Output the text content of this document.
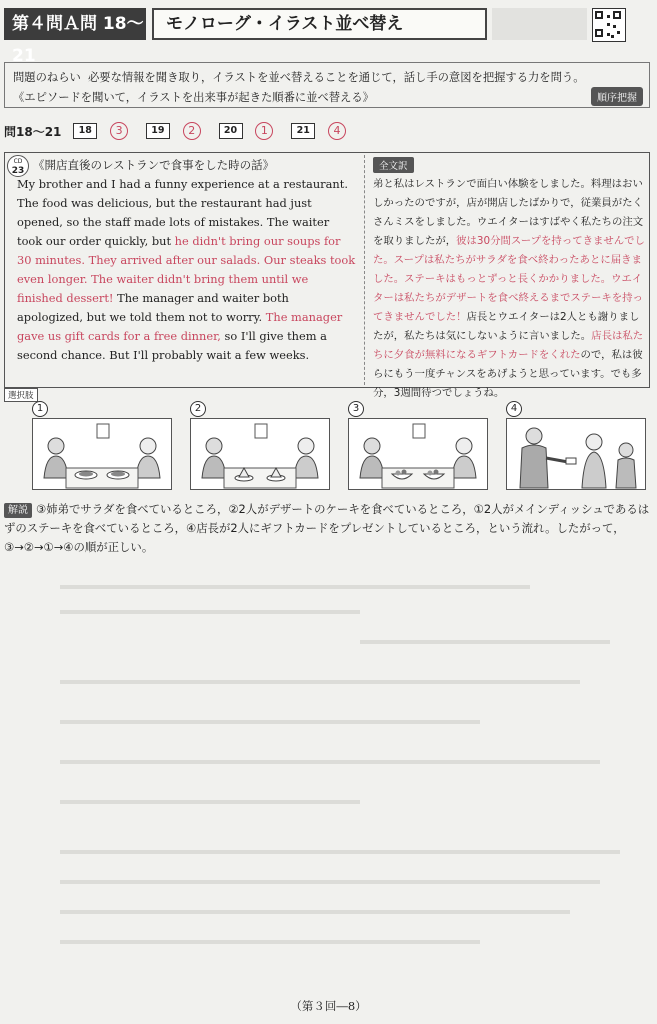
第４問Ａ問 18〜21
モノローグ・イラスト並べ替え
問題のねらい 必要な情報を聞き取り，イラストを並べ替えることを通じて，話し手の意図を把握する力を問う。
《エピソードを聞いて，イラストを出来事が起きた順番に並べ替える》	順序把握
問18〜21 18 3	19 2	20 1	21 4
CD
23 《開店直後のレストランで食事をした時の話》
My brother and I had a funny experience at a restaurant. The food was delicious, but the restaurant had just opened, so the staff made lots of mistakes. The waiter took our order quickly, but he didn't bring our soups for 30 minutes. They arrived after our salads. Our steaks took even longer. The waiter didn't bring them until we finished dessert! The manager and waiter both apologized, but we told them not to worry. The manager gave us gift cards for a free dinner, so I'll give them a second chance. But I'll probably wait a few weeks.
全文訳
弟と私はレストランで面白い体験をしました。料理はおいしかったのですが，店が開店したばかりで，従業員がたくさんミスをしました。ウエイターはすばやく私たちの注文を取りましたが，彼は30分間スープを持ってきませんでした。スープは私たちがサラダを食べ終わったあとに届きました。ステーキはもっとずっと長くかかりました。ウエイターは私たちがデザートを食べ終えるまでステーキを持ってきませんでした！店長とウエイターは2人とも謝りましたが，私たちは気にしないように言いました。店長は私たちに夕食が無料になるギフトカードをくれたので，私は彼らにもう一度チャンスをあげようと思っています。でも多分，3週間待つでしょうね。
選択肢
1	2	3	4
解説 ③姉弟でサラダを食べているところ，②2人がデザートのケーキを食べているところ，①2人がメインディッシュであるはずのステーキを食べているところ，④店長が2人にギフトカードをプレゼントしているところ，という流れ。したがって，③→②→①→④の順が正しい。
（第３回―8）
